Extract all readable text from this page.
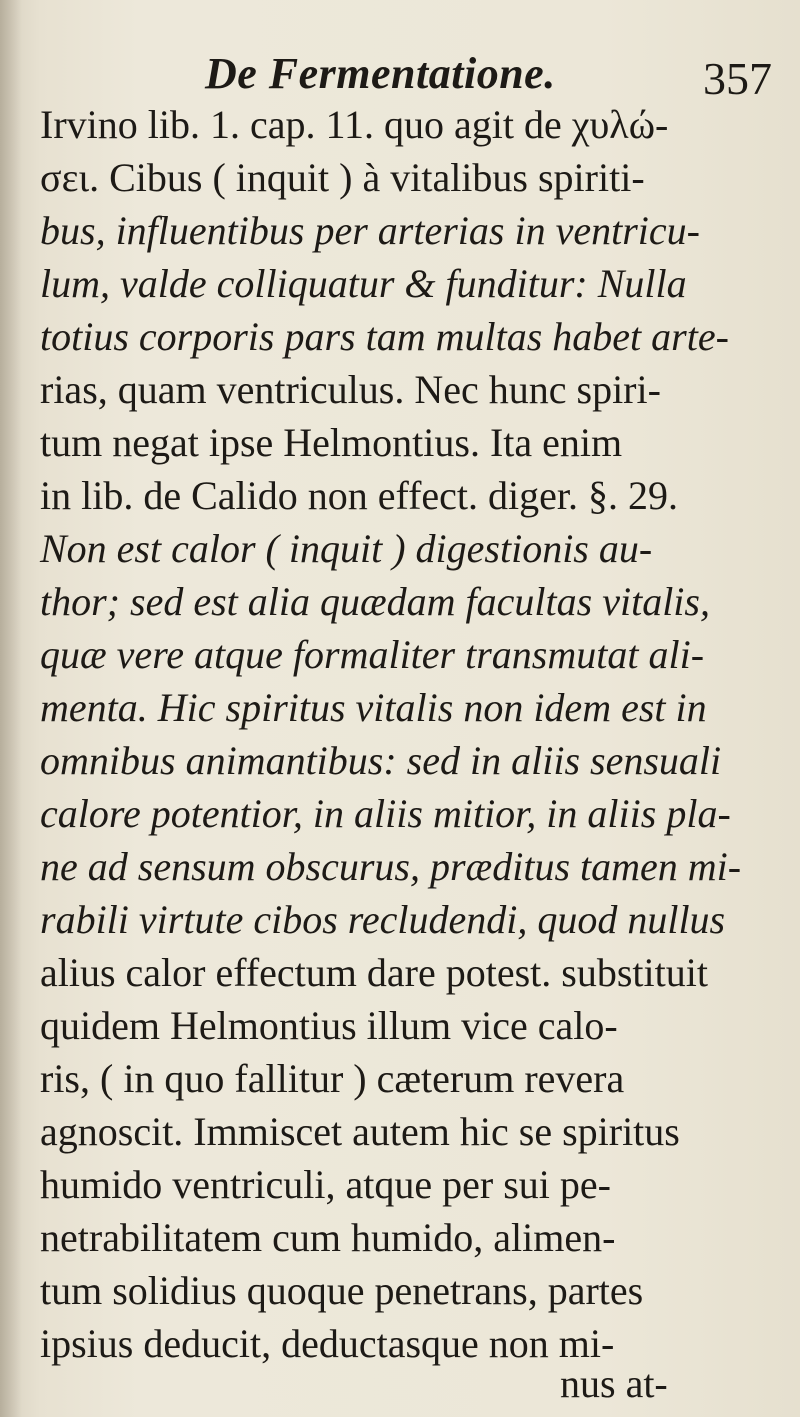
De Fermentatione.	357
Irvino lib. 1. cap. 11. quo agit de χυλώ-
σει. Cibus ( inquit ) à vitalibus spiriti-
bus, influentibus per arterias in ventricu-
lum, valde colliquatur & funditur: Nulla
totius corporis pars tam multas habet arte-
rias, quam ventriculus. Nec hunc spiri-
tum negat ipse Helmontius. Ita enim
in lib. de Calido non effect. diger. §. 29.
Non est calor ( inquit ) digestionis au-
thor; sed est alia quædam facultas vitalis,
quæ vere atque formaliter transmutat ali-
menta. Hic spiritus vitalis non idem est in
omnibus animantibus: sed in aliis sensuali
calore potentior, in aliis mitior, in aliis pla-
ne ad sensum obscurus, præditus tamen mi-
rabili virtute cibos recludendi, quod nullus
alius calor effectum dare potest. substituit
quidem Helmontius illum vice calo-
ris, ( in quo fallitur ) cæterum revera
agnoscit. Immiscet autem hic se spiritus
humido ventriculi, atque per sui pe-
netrabilitatem cum humido, alimen-
tum solidius quoque penetrans, partes
ipsius deducit, deductasque non mi-
nus at-
